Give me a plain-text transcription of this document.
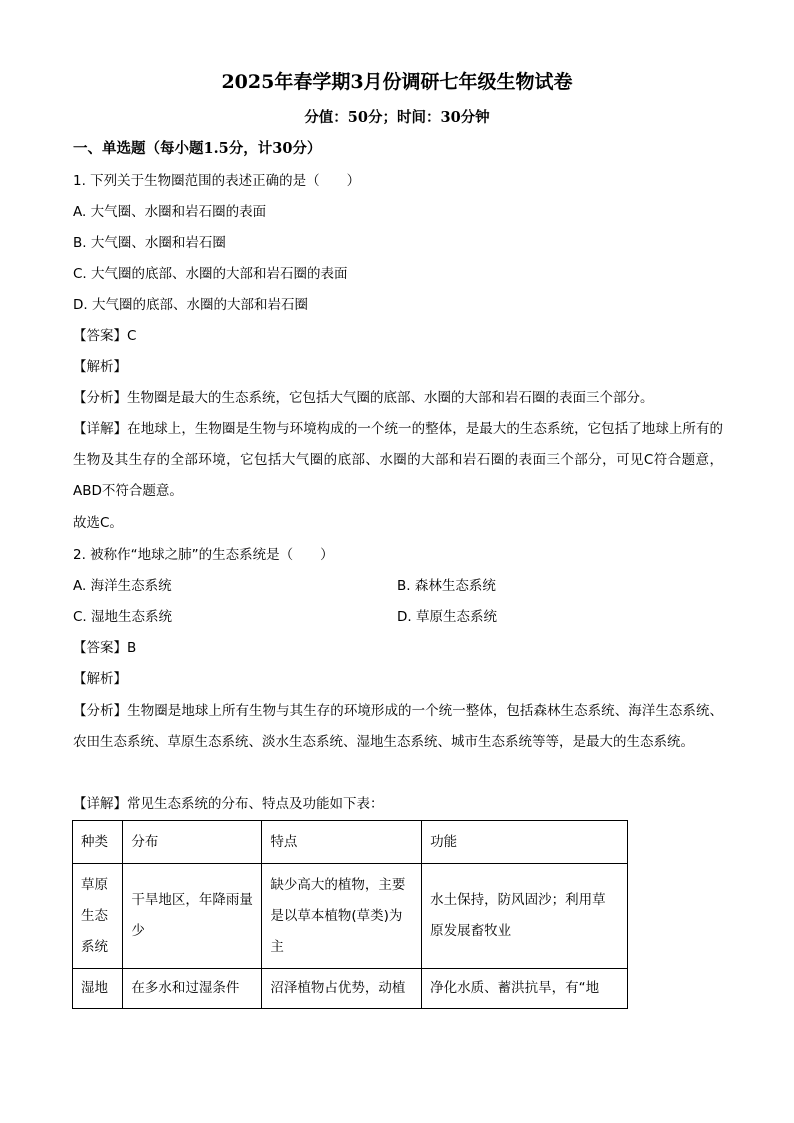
2025年春学期3月份调研七年级生物试卷
分值：50分；时间：30分钟
一、单选题（每小题1.5分，计30分）
1. 下列关于生物圈范围的表述正确的是（　　）
A. 大气圈、水圈和岩石圈的表面
B. 大气圈、水圈和岩石圈
C. 大气圈的底部、水圈的大部和岩石圈的表面
D. 大气圈的底部、水圈的大部和岩石圈
【答案】C
【解析】
【分析】生物圈是最大的生态系统，它包括大气圈的底部、水圈的大部和岩石圈的表面三个部分。
【详解】在地球上，生物圈是生物与环境构成的一个统一的整体，是最大的生态系统，它包括了地球上所有的生物及其生存的全部环境，它包括大气圈的底部、水圈的大部和岩石圈的表面三个部分，可见C符合题意，ABD不符合题意。
故选C。
2. 被称作“地球之肺”的生态系统是（　　）
A. 海洋生态系统	B. 森林生态系统
C. 湿地生态系统	D. 草原生态系统
【答案】B
【解析】
【分析】生物圈是地球上所有生物与其生存的环境形成的一个统一整体，包括森林生态系统、海洋生态系统、农田生态系统、草原生态系统、淡水生态系统、湿地生态系统、城市生态系统等等，是最大的生态系统。
【详解】常见生态系统的分布、特点及功能如下表：
种类	分布	特点	功能
草原生态系统	干旱地区，年降雨量少	缺少高大的植物，主要是以草本植物(草类)为主	水土保持，防风固沙；利用草原发展畜牧业
湿地	在多水和过湿条件	沼泽植物占优势，动植	净化水质、蓄洪抗旱，有“地
